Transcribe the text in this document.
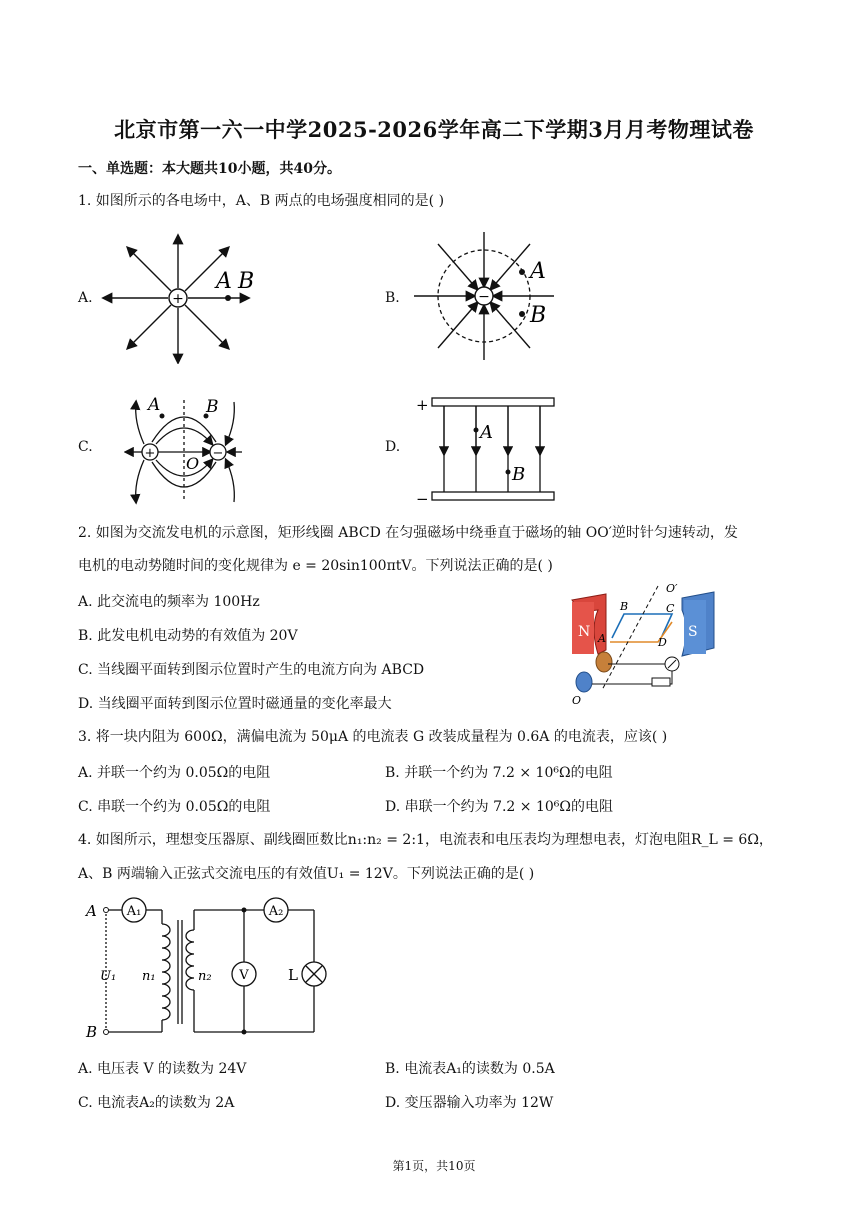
北京市第一六一中学2025-2026学年高二下学期3月月考物理试卷
一、单选题：本大题共10小题，共40分。
1. 如图所示的各电场中，A、B 两点的电场强度相同的是( )
A.	B.
C.	D.
+
A B
−
A
B
+	−
A	B
O
+
−
A
B
2. 如图为交流发电机的示意图，矩形线圈 ABCD 在匀强磁场中绕垂直于磁场的轴 OO′逆时针匀速转动，发
电机的电动势随时间的变化规律为 e = 20sin100πtV。下列说法正确的是( )
A. 此交流电的频率为 100Hz
B. 此发电机电动势的有效值为 20V
C. 当线圈平面转到图示位置时产生的电流方向为 ABCD
D. 当线圈平面转到图示位置时磁通量的变化率最大
N	S
B	C
A	D
O′
O
3. 将一块内阻为 600Ω，满偏电流为 50μA 的电流表 G 改装成量程为 0.6A 的电流表，应该( )
A. 并联一个约为 0.05Ω的电阻	B. 并联一个约为 7.2 × 10⁶Ω的电阻
C. 串联一个约为 0.05Ω的电阻	D. 串联一个约为 7.2 × 10⁶Ω的电阻
4. 如图所示，理想变压器原、副线圈匝数比n₁:n₂ = 2:1，电流表和电压表均为理想电表，灯泡电阻R_L = 6Ω，
A、B 两端输入正弦式交流电压的有效值U₁ = 12V。下列说法正确的是( )
A₁	A₂
V	L
A
B
U₁ n₁	n₂
A. 电压表 V 的读数为 24V	B. 电流表A₁的读数为 0.5A
C. 电流表A₂的读数为 2A	D. 变压器输入功率为 12W
第1页，共10页
